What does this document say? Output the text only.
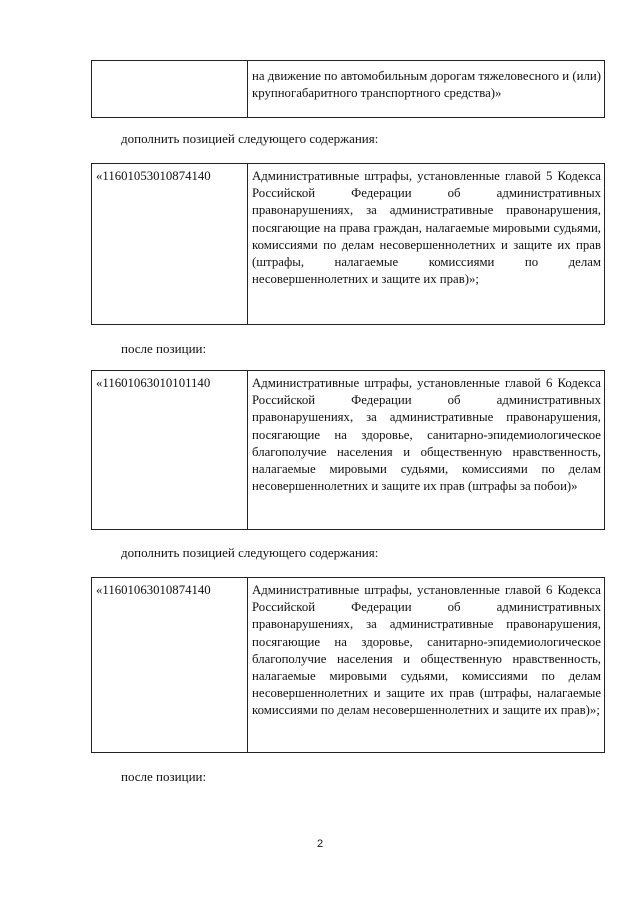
на движение по автомобильным дорогам тяжеловесного и (или) крупногабаритного транспортного средства)»
дополнить позицией следующего содержания:
«11601053010874140	Административные штрафы, установленные главой 5 Кодекса Российской Федерации об административных правонарушениях, за административные правонарушения, посягающие на права граждан, налагаемые мировыми судьями, комиссиями по делам несовершеннолетних и защите их прав (штрафы, налагаемые комиссиями по делам несовершеннолетних и защите их прав)»;
после позиции:
«11601063010101140	Административные штрафы, установленные главой 6 Кодекса Российской Федерации об административных правонарушениях, за административные правонарушения, посягающие на здоровье, санитарно-эпидемиологическое благополучие населения и общественную нравственность, налагаемые мировыми судьями, комиссиями по делам несовершеннолетних и защите их прав (штрафы за побои)»
дополнить позицией следующего содержания:
«11601063010874140	Административные штрафы, установленные главой 6 Кодекса Российской Федерации об административных правонарушениях, за административные правонарушения, посягающие на здоровье, санитарно-эпидемиологическое благополучие населения и общественную нравственность, налагаемые мировыми судьями, комиссиями по делам несовершеннолетних и защите их прав (штрафы, налагаемые комиссиями по делам несовершеннолетних и защите их прав)»;
после позиции:
2
